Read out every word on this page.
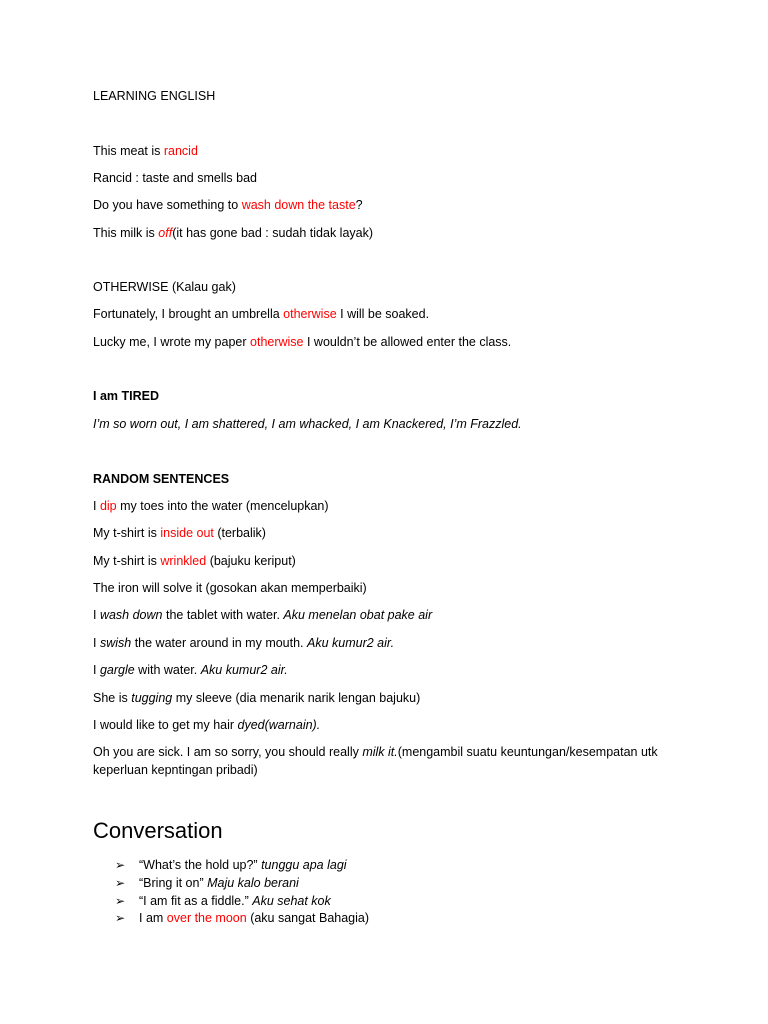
LEARNING ENGLISH
This meat is rancid
Rancid : taste and smells bad
Do you have something to wash down the taste?
This milk is off(it has gone bad : sudah tidak layak)
OTHERWISE (Kalau gak)
Fortunately, I brought an umbrella otherwise I will be soaked.
Lucky me, I wrote my paper otherwise I wouldn’t be allowed enter the class.
I am TIRED
I’m so worn out, I am shattered, I am whacked, I am Knackered, I’m Frazzled.
RANDOM SENTENCES
I dip my toes into the water (mencelupkan)
My t-shirt is inside out (terbalik)
My t-shirt is wrinkled (bajuku keriput)
The iron will solve it (gosokan akan memperbaiki)
I wash down the tablet with water. Aku menelan obat pake air
I swish the water around in my mouth. Aku kumur2 air.
I gargle with water. Aku kumur2 air.
She is tugging my sleeve (dia menarik narik lengan bajuku)
I would like to get my hair dyed(warnain).
Oh you are sick. I am so sorry, you should really milk it.(mengambil suatu keuntungan/kesempatan utk keperluan kepntingan pribadi)
Conversation
➢ “What’s the hold up?” tunggu apa lagi
➢ “Bring it on” Maju kalo berani
➢ “I am fit as a fiddle.” Aku sehat kok
➢ I am over the moon (aku sangat Bahagia)
